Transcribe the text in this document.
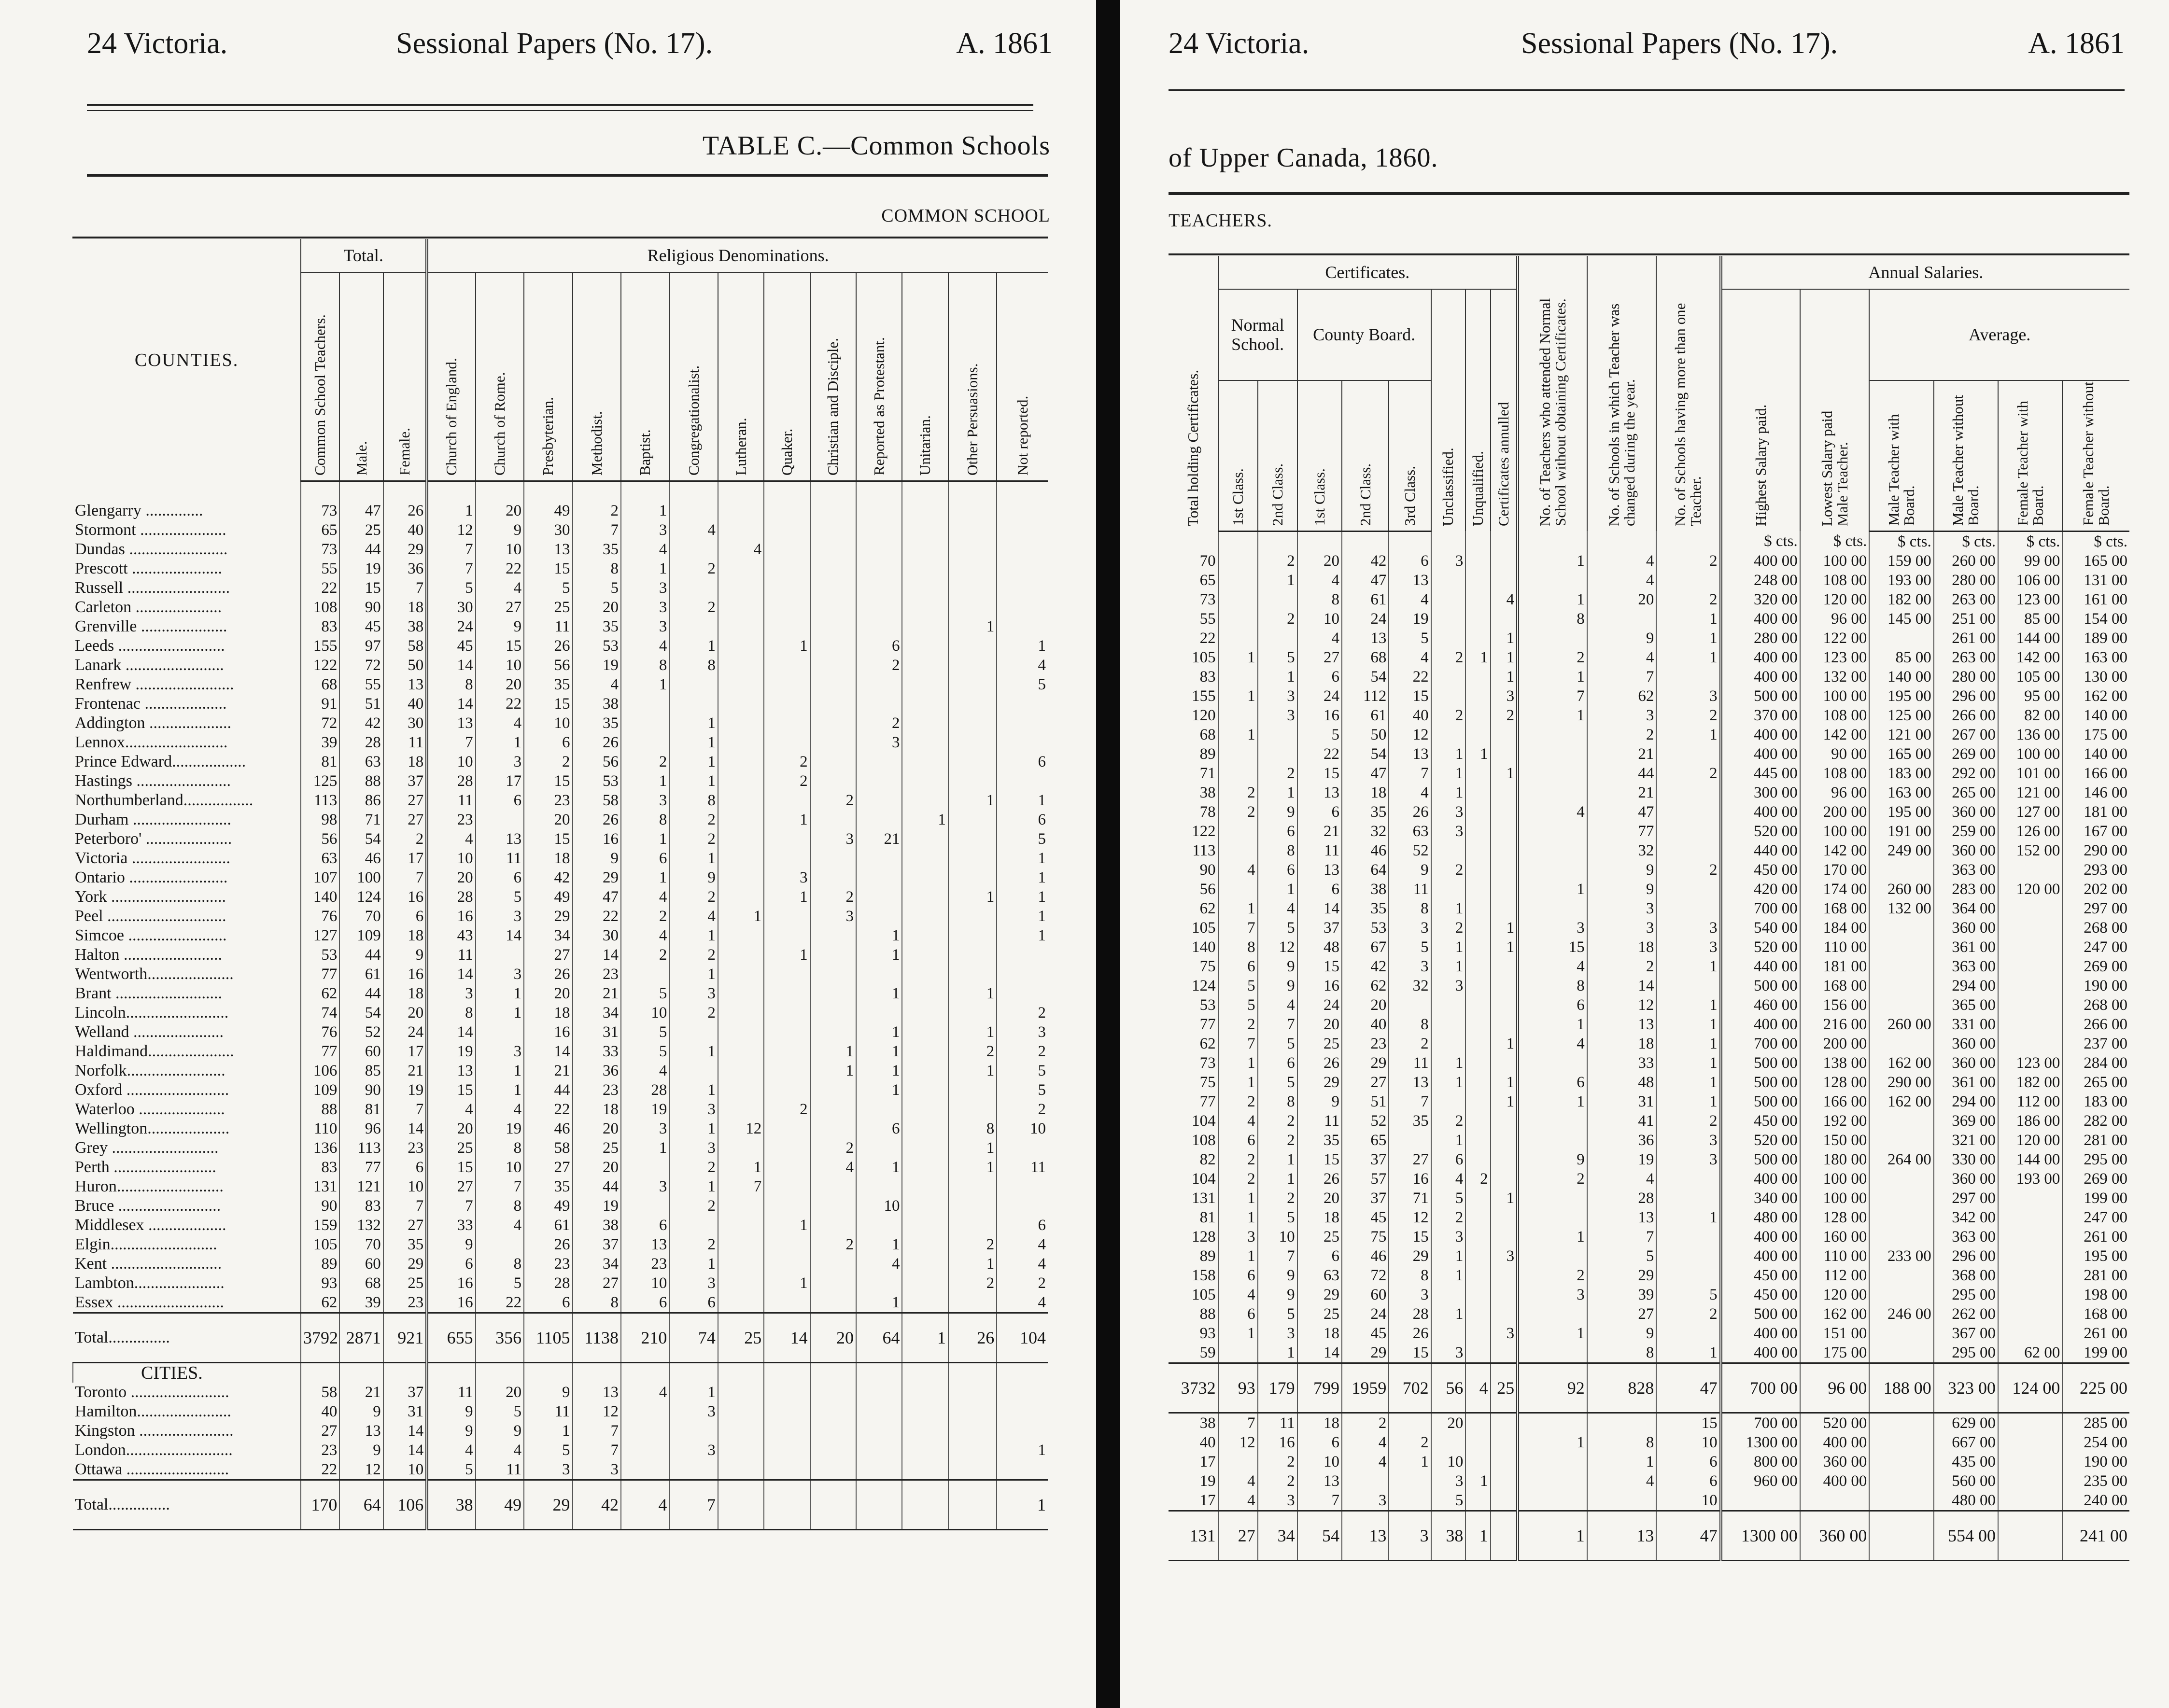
24 Victoria.	Sessional Papers (No. 17).	A. 1861
TABLE C.—Common Schools
COMMON SCHOOL
COUNTIES.	Total.			Religious Denominations.												
	Common School Teachers.	Male.	Female.	Church of England.	Church of Rome.	Presbyterian.	Methodist.	Baptist.	Congregationalist.	Lutheran.	Quaker.	Christian and Disciple.	Reported as Protestant.	Unitarian.	Other Persuasions.	Not reported.

Glengarry ..............	73	47	26	1	20	49	2	1								
Stormont .....................	65	25	40	12	9	30	7	3	4							
Dundas ........................	73	44	29	7	10	13	35	4		4						
Prescott ......................	55	19	36	7	22	15	8	1	2							
Russell .........................	22	15	7	5	4	5	5	3								
Carleton .....................	108	90	18	30	27	25	20	3	2							
Grenville .....................	83	45	38	24	9	11	35	3							1	
Leeds ..........................	155	97	58	45	15	26	53	4	1		1		6			1
Lanark ........................	122	72	50	14	10	56	19	8	8				2			4
Renfrew ........................	68	55	13	8	20	35	4	1								5
Frontenac ....................	91	51	40	14	22	15	38									
Addington ....................	72	42	30	13	4	10	35		1				2			
Lennox.........................	39	28	11	7	1	6	26		1				3			
Prince Edward..................	81	63	18	10	3	2	56	2	1		2					6
Hastings .......................	125	88	37	28	17	15	53	1	1		2					
Northumberland.................	113	86	27	11	6	23	58	3	8			2			1	1
Durham ........................	98	71	27	23		20	26	8	2		1			1		6
Peterboro' .....................	56	54	2	4	13	15	16	1	2			3	21			5
Victoria ........................	63	46	17	10	11	18	9	6	1							1
Ontario ........................	107	100	7	20	6	42	29	1	9		3					1
York ............................	140	124	16	28	5	49	47	4	2		1	2			1	1
Peel .............................	76	70	6	16	3	29	22	2	4	1		3				1
Simcoe ........................	127	109	18	43	14	34	30	4	1				1			1
Halton ........................	53	44	9	11		27	14	2	2		1		1			
Wentworth.....................	77	61	16	14	3	26	23		1							
Brant ..........................	62	44	18	3	1	20	21	5	3				1		1	
Lincoln.........................	74	54	20	8	1	18	34	10	2							2
Welland ......................	76	52	24	14		16	31	5					1		1	3
Haldimand.....................	77	60	17	19	3	14	33	5	1			1	1		2	2
Norfolk........................	106	85	21	13	1	21	36	4				1	1		1	5
Oxford .........................	109	90	19	15	1	44	23	28	1				1			5
Waterloo .....................	88	81	7	4	4	22	18	19	3		2					2
Wellington....................	110	96	14	20	19	46	20	3	1	12			6		8	10
Grey ..........................	136	113	23	25	8	58	25	1	3			2			1	
Perth .........................	83	77	6	15	10	27	20		2	1		4	1		1	11
Huron..........................	131	121	10	27	7	35	44	3	1	7						
Bruce .........................	90	83	7	7	8	49	19		2				10			
Middlesex ...................	159	132	27	33	4	61	38	6			1					6
Elgin..........................	105	70	35	9		26	37	13	2			2	1		2	4
Kent ...........................	89	60	29	6	8	23	34	23	1				4		1	4
Lambton......................	93	68	25	16	5	28	27	10	3		1				2	2
Essex ..........................	62	39	23	16	22	6	8	6	6				1			4
Total...............	3792	2871	921	655	356	1105	1138	210	74	25	14	20	64	1	26	104
CITIES.																
Toronto ........................	58	21	37	11	20	9	13	4	1							
Hamilton.......................	40	9	31	9	5	11	12		3							
Kingston .......................	27	13	14	9	9	1	7									
London..........................	23	9	14	4	4	5	7		3							1
Ottawa .........................	22	12	10	5	11	3	3									
Total...............	170	64	106	38	49	29	42	4	7							1
24 Victoria.	Sessional Papers (No. 17).	A. 1861
of Upper Canada, 1860.
TEACHERS.
Total holding Certificates.	Certificates.								No. of Teachers who attended Normal School without obtaining Certificates.	No. of Schools in which Teacher was changed during the year.	No. of Schools having more than one Teacher.	Annual Salaries.					
	Normal School.		County Board.			Unclassified.	Unqualified.	Certificates annulled				Highest Salary paid.	Lowest Salary paid Male Teacher.	Average.			
	1st Class.	2nd Class.	1st Class.	2nd Class.	3rd Class.									Male Teacher with Board.	Male Teacher without Board.	Female Teacher with Board.	Female Teacher without Board.
												$ cts.	$ cts.	$ cts.	$ cts.	$ cts.	$ cts.
70		2	20	42	6	3			1	4	2	400 00	100 00	159 00	260 00	99 00	165 00
65		1	4	47	13					4		248 00	108 00	193 00	280 00	106 00	131 00
73			8	61	4			4	1	20	2	320 00	120 00	182 00	263 00	123 00	161 00
55		2	10	24	19				8		1	400 00	96 00	145 00	251 00	85 00	154 00
22			4	13	5			1		9	1	280 00	122 00		261 00	144 00	189 00
105	1	5	27	68	4	2	1	1	2	4	1	400 00	123 00	85 00	263 00	142 00	163 00
83		1	6	54	22			1	1	7		400 00	132 00	140 00	280 00	105 00	130 00
155	1	3	24	112	15			3	7	62	3	500 00	100 00	195 00	296 00	95 00	162 00
120		3	16	61	40	2		2	1	3	2	370 00	108 00	125 00	266 00	82 00	140 00
68	1		5	50	12					2	1	400 00	142 00	121 00	267 00	136 00	175 00
89			22	54	13	1	1			21		400 00	90 00	165 00	269 00	100 00	140 00
71		2	15	47	7	1		1		44	2	445 00	108 00	183 00	292 00	101 00	166 00
38	2	1	13	18	4	1				21		300 00	96 00	163 00	265 00	121 00	146 00
78	2	9	6	35	26	3			4	47		400 00	200 00	195 00	360 00	127 00	181 00
122		6	21	32	63	3				77		520 00	100 00	191 00	259 00	126 00	167 00
113		8	11	46	52					32		440 00	142 00	249 00	360 00	152 00	290 00
90	4	6	13	64	9	2				9	2	450 00	170 00		363 00		293 00
56		1	6	38	11				1	9		420 00	174 00	260 00	283 00	120 00	202 00
62	1	4	14	35	8	1				3		700 00	168 00	132 00	364 00		297 00
105	7	5	37	53	3	2		1	3	3	3	540 00	184 00		360 00		268 00
140	8	12	48	67	5	1		1	15	18	3	520 00	110 00		361 00		247 00
75	6	9	15	42	3	1			4	2	1	440 00	181 00		363 00		269 00
124	5	9	16	62	32	3			8	14		500 00	168 00		294 00		190 00
53	5	4	24	20					6	12	1	460 00	156 00		365 00		268 00
77	2	7	20	40	8				1	13	1	400 00	216 00	260 00	331 00		266 00
62	7	5	25	23	2			1	4	18	1	700 00	200 00		360 00		237 00
73	1	6	26	29	11	1				33	1	500 00	138 00	162 00	360 00	123 00	284 00
75	1	5	29	27	13	1		1	6	48	1	500 00	128 00	290 00	361 00	182 00	265 00
77	2	8	9	51	7			1	1	31	1	500 00	166 00	162 00	294 00	112 00	183 00
104	4	2	11	52	35	2				41	2	450 00	192 00		369 00	186 00	282 00
108	6	2	35	65		1				36	3	520 00	150 00		321 00	120 00	281 00
82	2	1	15	37	27	6			9	19	3	500 00	180 00	264 00	330 00	144 00	295 00
104	2	1	26	57	16	4	2		2	4		400 00	100 00		360 00	193 00	269 00
131	1	2	20	37	71	5		1		28		340 00	100 00		297 00		199 00
81	1	5	18	45	12	2				13	1	480 00	128 00		342 00		247 00
128	3	10	25	75	15	3			1	7		400 00	160 00		363 00		261 00
89	1	7	6	46	29	1		3		5		400 00	110 00	233 00	296 00		195 00
158	6	9	63	72	8	1			2	29		450 00	112 00		368 00		281 00
105	4	9	29	60	3				3	39	5	450 00	120 00		295 00		198 00
88	6	5	25	24	28	1				27	2	500 00	162 00	246 00	262 00		168 00
93	1	3	18	45	26			3	1	9		400 00	151 00		367 00		261 00
59		1	14	29	15	3				8	1	400 00	175 00		295 00	62 00	199 00
3732	93	179	799	1959	702	56	4	25	92	828	47	700 00	96 00	188 00	323 00	124 00	225 00

38	7	11	18	2		20					15	700 00	520 00		629 00		285 00
40	12	16	6	4	2				1	8	10	1300 00	400 00		667 00		254 00
17		2	10	4	1	10				1	6	800 00	360 00		435 00		190 00
19	4	2	13			3	1			4	6	960 00	400 00		560 00		235 00
17	4	3	7	3		5					10				480 00		240 00
131	27	34	54	13	3	38	1		1	13	47	1300 00	360 00		554 00		241 00
